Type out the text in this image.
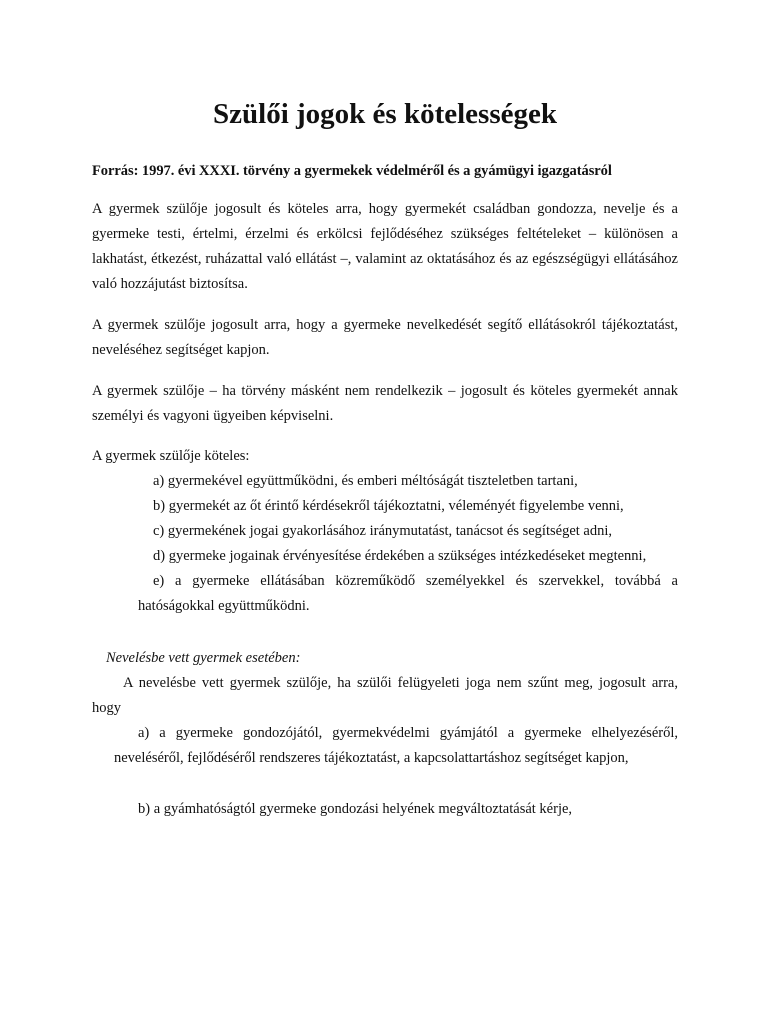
Szülői jogok és kötelességek

Forrás: 1997. évi XXXI. törvény a gyermekek védelméről és a gyámügyi igazgatásról

A gyermek szülője jogosult és köteles arra, hogy gyermekét családban gondozza, nevelje és a gyermeke testi, értelmi, érzelmi és erkölcsi fejlődéséhez szükséges feltételeket – különösen a lakhatást, étkezést, ruházattal való ellátást –, valamint az oktatásához és az egészségügyi ellátásához való hozzájutást biztosítsa.

A gyermek szülője jogosult arra, hogy a gyermeke nevelkedését segítő ellátásokról tájékoztatást, neveléséhez segítséget kapjon.

A gyermek szülője – ha törvény másként nem rendelkezik – jogosult és köteles gyermekét annak személyi és vagyoni ügyeiben képviselni.

A gyermek szülője köteles:

a) gyermekével együttműködni, és emberi méltóságát tiszteletben tartani,
b) gyermekét az őt érintő kérdésekről tájékoztatni, véleményét figyelembe venni,
c) gyermekének jogai gyakorlásához iránymutatást, tanácsot és segítséget adni,
d) gyermeke jogainak érvényesítése érdekében a szükséges intézkedéseket megtenni,
e) a gyermeke ellátásában közreműködő személyekkel és szervekkel, továbbá a hatóságokkal együttműködni.

Nevelésbe vett gyermek esetében:

A nevelésbe vett gyermek szülője, ha szülői felügyeleti joga nem szűnt meg, jogosult arra, hogy

a) a gyermeke gondozójától, gyermekvédelmi gyámjától a gyermeke elhelyezéséről, neveléséről, fejlődéséről rendszeres tájékoztatást, a kapcsolattartáshoz segítséget kapjon,

b) a gyámhatóságtól gyermeke gondozási helyének megváltoztatását kérje,
